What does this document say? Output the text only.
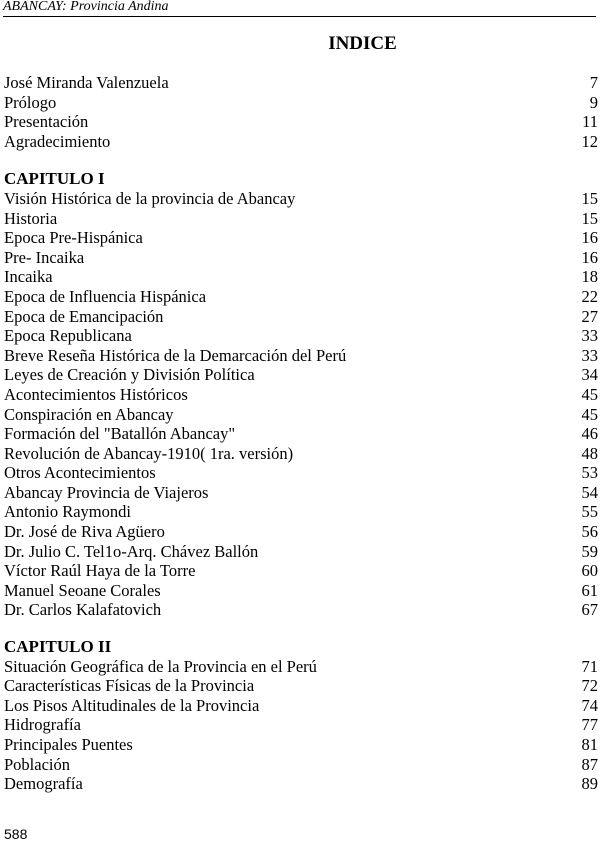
ABANCAY: Provincia Andina
INDICE
José Miranda Valenzuela	7
Prólogo	9
Presentación	11
Agradecimiento	12
CAPITULO I
Visión Histórica de la provincia de Abancay	15
Historia	15
Epoca Pre-Hispánica	16
Pre- Incaika	16
Incaika	18
Epoca de Influencia Hispánica	22
Epoca de Emancipación	27
Epoca Republicana	33
Breve Reseña Histórica de la Demarcación del Perú	33
Leyes de Creación y División Política	34
Acontecimientos Históricos	45
Conspiración en Abancay	45
Formación del "Batallón Abancay"	46
Revolución de Abancay-1910( 1ra. versión)	48
Otros Acontecimientos	53
Abancay Provincia de Viajeros	54
Antonio Raymondi	55
Dr. José de Riva Agüero	56
Dr. Julio C. Tel1o-Arq. Chávez Ballón	59
Víctor Raúl Haya de la Torre	60
Manuel Seoane Corales	61
Dr. Carlos Kalafatovich	67
CAPITULO II
Situación Geográfica de la Provincia en el Perú	71
Características Físicas de la Provincia	72
Los Pisos Altitudinales de la Provincia	74
Hidrografía	77
Principales Puentes	81
Población	87
Demografía	89
588
